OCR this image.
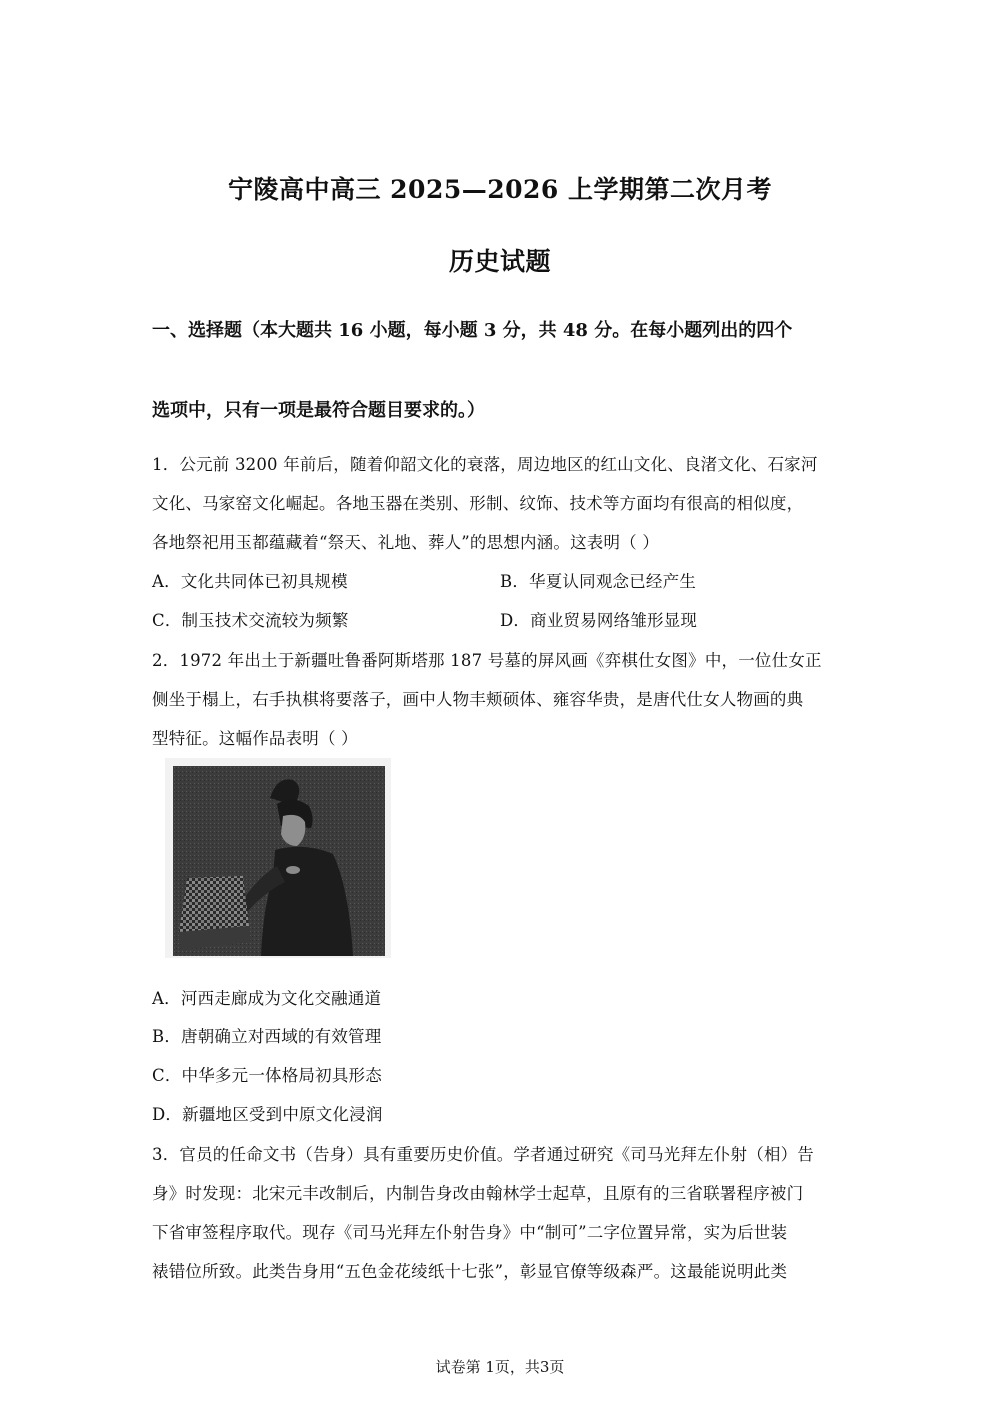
宁陵高中高三 2025—2026 上学期第二次月考
历史试题
一、选择题（本大题共 16 小题，每小题 3 分，共 48 分。在每小题列出的四个
选项中，只有一项是最符合题目要求的。）
1．公元前 3200 年前后，随着仰韶文化的衰落，周边地区的红山文化、良渚文化、石家河
文化、马家窑文化崛起。各地玉器在类别、形制、纹饰、技术等方面均有很高的相似度，
各地祭祀用玉都蕴藏着“祭天、礼地、葬人”的思想内涵。这表明（ ）
A．文化共同体已初具规模	B．华夏认同观念已经产生
C．制玉技术交流较为频繁	D．商业贸易网络雏形显现
2．1972 年出土于新疆吐鲁番阿斯塔那 187 号墓的屏风画《弈棋仕女图》中，一位仕女正
侧坐于榻上，右手执棋将要落子，画中人物丰颊硕体、雍容华贵，是唐代仕女人物画的典
型特征。这幅作品表明（ ）
A．河西走廊成为文化交融通道
B．唐朝确立对西域的有效管理
C．中华多元一体格局初具形态
D．新疆地区受到中原文化浸润
3．官员的任命文书（告身）具有重要历史价值。学者通过研究《司马光拜左仆射（相）告
身》时发现：北宋元丰改制后，内制告身改由翰林学士起草，且原有的三省联署程序被门
下省审签程序取代。现存《司马光拜左仆射告身》中“制可”二字位置异常，实为后世装
裱错位所致。此类告身用“五色金花绫纸十七张”，彰显官僚等级森严。这最能说明此类
试卷第 1页，共3页
